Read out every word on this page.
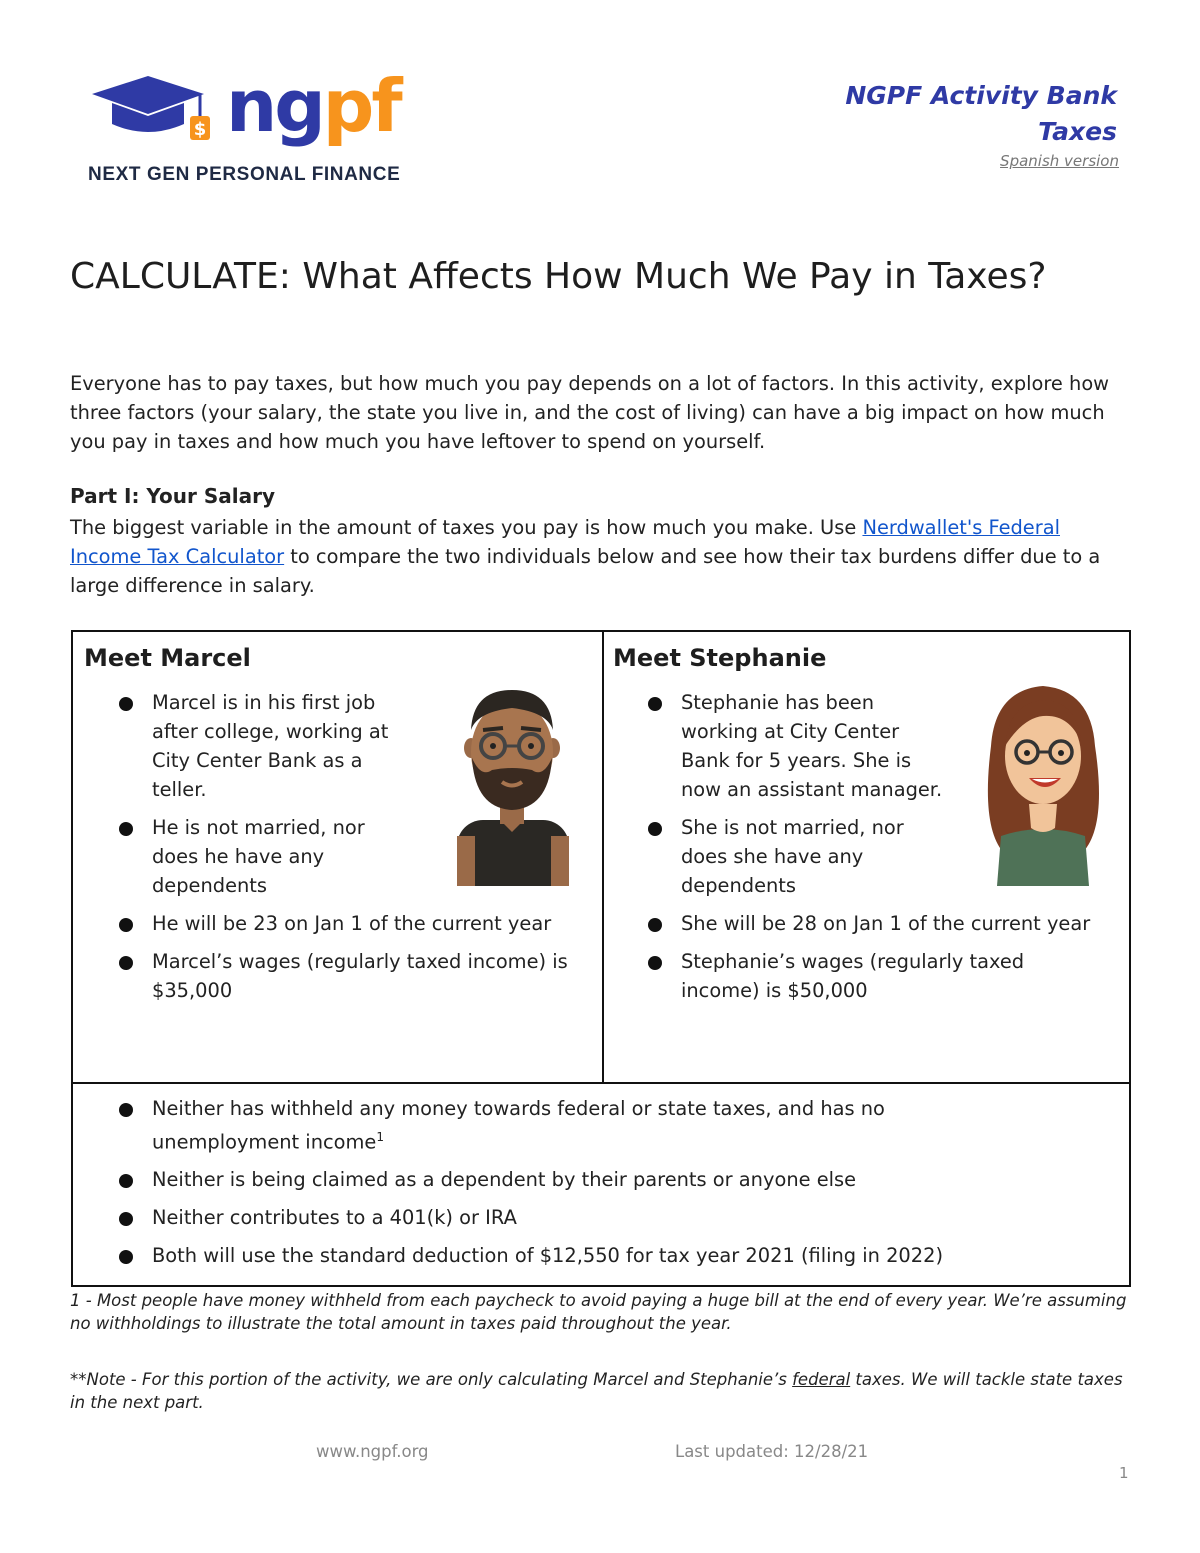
$ ngpf
NEXT GEN PERSONAL FINANCE
NGPF Activity Bank
Taxes
Spanish version
CALCULATE: What Affects How Much We Pay in Taxes?

Everyone has to pay taxes, but how much you pay depends on a lot of factors. In this activity, explore how three factors (your salary, the state you live in, and the cost of living) can have a big impact on how much you pay in taxes and how much you have leftover to spend on yourself.

Part I: Your Salary

The biggest variable in the amount of taxes you pay is how much you make. Use Nerdwallet's Federal Income Tax Calculator to compare the two individuals below and see how their tax burdens differ due to a large difference in salary.

Meet Marcel

Marcel is in his first job after college, working at City Center Bank as a teller.
He is not married, nor does he have any dependents
He will be 23 on Jan 1 of the current year
Marcel’s wages (regularly taxed income) is $35,000

Meet Stephanie

Stephanie has been working at City Center Bank for 5 years. She is now an assistant manager.
She is not married, nor does she have any dependents
She will be 28 on Jan 1 of the current year
Stephanie’s wages (regularly taxed income) is $50,000
Neither has withheld any money towards federal or state taxes, and has no unemployment income$^1$
Neither is being claimed as a dependent by their parents or anyone else
Neither contributes to a 401(k) or IRA
Both will use the standard deduction of $12,550 for tax year 2021 (filing in 2022)

1 - Most people have money withheld from each paycheck to avoid paying a huge bill at the end of every year. We’re assuming no withholdings to illustrate the total amount in taxes paid throughout the year.

**Note - For this portion of the activity, we are only calculating Marcel and Stephanie’s federal taxes. We will tackle state taxes in the next part.

www.ngpf.org	Last updated: 12/28/21
1
